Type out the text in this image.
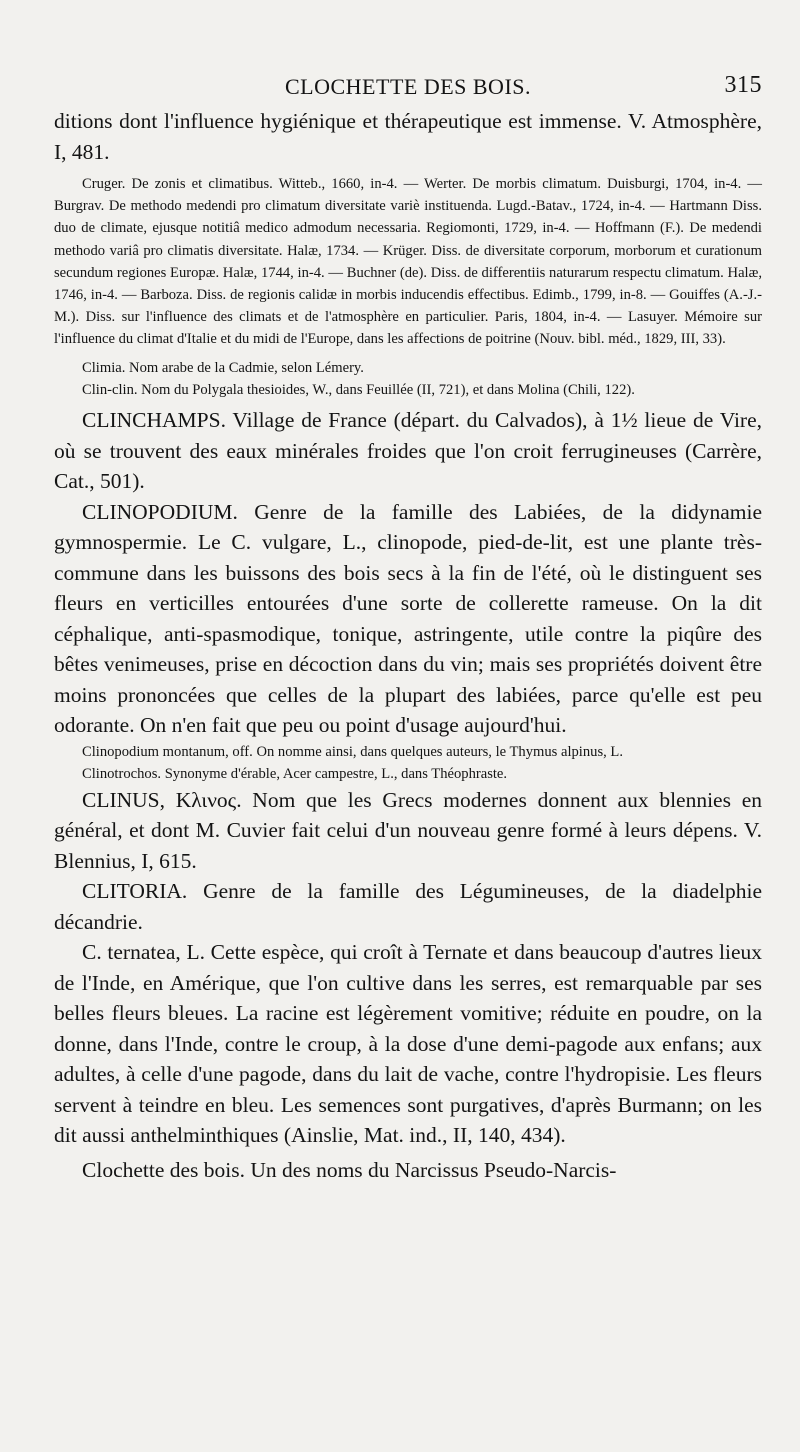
CLOCHETTE DES BOIS.	315

ditions dont l'influence hygiénique et thérapeutique est immense. V. Atmosphère, I, 481.

Cruger. De zonis et climatibus. Witteb., 1660, in-4. — Werter. De morbis climatum. Duisburgi, 1704, in-4. — Burgrav. De methodo medendi pro climatum diversitate variè instituenda. Lugd.-Batav., 1724, in-4. — Hartmann Diss. duo de climate, ejusque notitiâ medico admodum necessaria. Regiomonti, 1729, in-4. — Hoffmann (F.). De medendi methodo variâ pro climatis diversitate. Halæ, 1734. — Krüger. Diss. de diversitate corporum, morborum et curationum secundum regiones Europæ. Halæ, 1744, in-4. — Buchner (de). Diss. de differentiis naturarum respectu climatum. Halæ, 1746, in-4. — Barboza. Diss. de regionis calidæ in morbis inducendis effectibus. Edimb., 1799, in-8. — Gouiffes (A.-J.-M.). Diss. sur l'influence des climats et de l'atmosphère en particulier. Paris, 1804, in-4. — Lasuyer. Mémoire sur l'influence du climat d'Italie et du midi de l'Europe, dans les affections de poitrine (Nouv. bibl. méd., 1829, III, 33).

Climia. Nom arabe de la Cadmie, selon Lémery.

Clin-clin. Nom du Polygala thesioides, W., dans Feuillée (II, 721), et dans Molina (Chili, 122).

CLINCHAMPS. Village de France (départ. du Calvados), à 1½ lieue de Vire, où se trouvent des eaux minérales froides que l'on croit ferrugineuses (Carrère, Cat., 501).

CLINOPODIUM. Genre de la famille des Labiées, de la didynamie gymnospermie. Le C. vulgare, L., clinopode, pied-de-lit, est une plante très-commune dans les buissons des bois secs à la fin de l'été, où le distinguent ses fleurs en verticilles entourées d'une sorte de collerette rameuse. On la dit céphalique, anti-spasmodique, tonique, astringente, utile contre la piqûre des bêtes venimeuses, prise en décoction dans du vin; mais ses propriétés doivent être moins prononcées que celles de la plupart des labiées, parce qu'elle est peu odorante. On n'en fait que peu ou point d'usage aujourd'hui.

Clinopodium montanum, off. On nomme ainsi, dans quelques auteurs, le Thymus alpinus, L.

Clinotrochos. Synonyme d'érable, Acer campestre, L., dans Théophraste.

CLINUS, Κλινος. Nom que les Grecs modernes donnent aux blennies en général, et dont M. Cuvier fait celui d'un nouveau genre formé à leurs dépens. V. Blennius, I, 615.

CLITORIA. Genre de la famille des Légumineuses, de la diadelphie décandrie.

C. ternatea, L. Cette espèce, qui croît à Ternate et dans beaucoup d'autres lieux de l'Inde, en Amérique, que l'on cultive dans les serres, est remarquable par ses belles fleurs bleues. La racine est légèrement vomitive; réduite en poudre, on la donne, dans l'Inde, contre le croup, à la dose d'une demi-pagode aux enfans; aux adultes, à celle d'une pagode, dans du lait de vache, contre l'hydropisie. Les fleurs servent à teindre en bleu. Les semences sont purgatives, d'après Burmann; on les dit aussi anthelminthiques (Ainslie, Mat. ind., II, 140, 434).

Clochette des bois. Un des noms du Narcissus Pseudo-Narcis-
